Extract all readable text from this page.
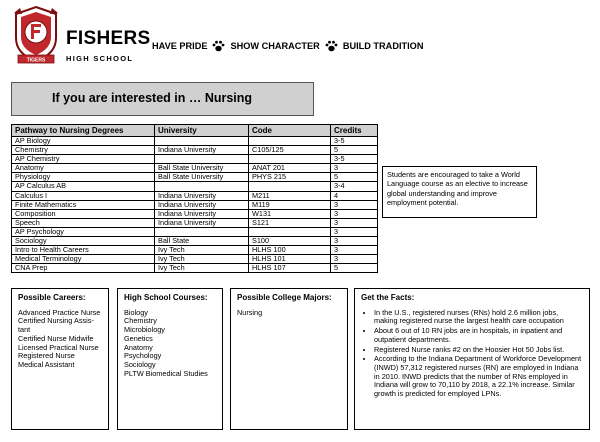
TIGERS
FISHERS
HIGH SCHOOL
HAVE PRIDE	SHOW CHARACTER	BUILD TRADITION
If you are interested in … Nursing
Pathway to Nursing Degrees	University	Code	Credits
AP Biology			3-5
Chemistry	Indiana University	C105/125	5
AP Chemistry			3-5
Anatomy	Ball State University	ANAT 201	3
Physiology	Ball State University	PHYS 215	5
AP Calculus AB			3-4
Calculus I	Indiana University	M211	4
Finite Mathematics	Indiana University	M119	3
Composition	Indiana University	W131	3
Speech	Indiana University	S121	3
AP Psychology			3
Sociology	Ball State	S100	3
Intro to Health Careers	Ivy Tech	HLHS 100	3
Medical Terminology	Ivy Tech	HLHS 101	3
CNA Prep	Ivy Tech	HLHS 107	5
Students are encouraged to take a World Language course as an elective to increase global understanding and improve employment potential.
Possible Careers:
Advanced Practice Nurse
Certified Nursing Assis-
tant
Certified Nurse Midwife
Licensed Practical Nurse
Registered Nurse
Medical Assistant
High School Courses:
Biology
Chemistry
Microbiology
Genetics
Anatomy
Psychology
Sociology
PLTW Biomedical Studies
Possible College Majors:
Nursing
Get the Facts:
• In the U.S., registered nurses (RNs) hold 2.6 million jobs, making registered nurse the largest health care occupation
• About 6 out of 10 RN jobs are in hospitals, in inpatient and outpatient departments.
• Registered Nurse ranks #2 on the Hoosier Hot 50 Jobs list.
• According to the Indiana Department of Workforce Development (INWD) 57,312 registered nurses (RN) are employed in Indiana in 2010. INWD predicts that the number of RNs employed in Indiana will grow to 70,110 by 2018, a 22.1% increase. Similar growth is predicted for employed LPNs.
